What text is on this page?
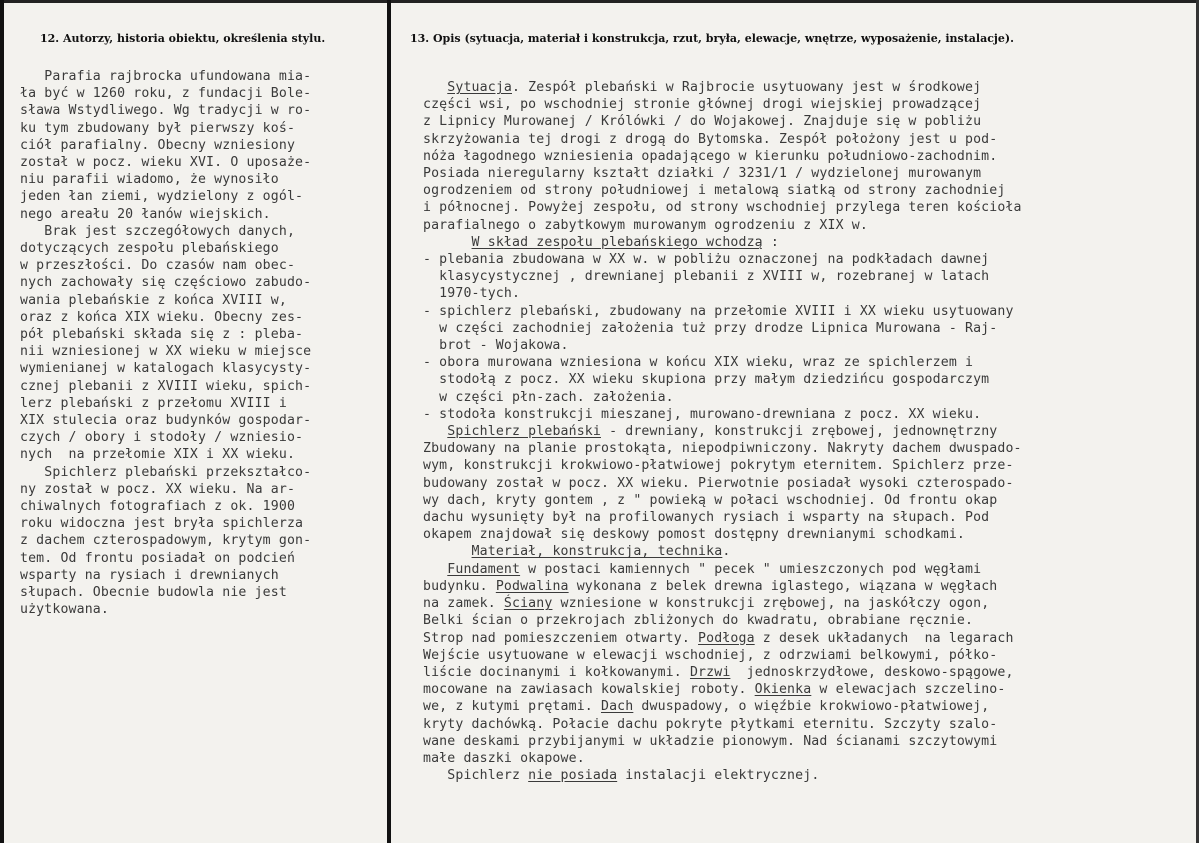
12. Autorzy, historia obiektu, określenia stylu.	13. Opis (sytuacja, materiał i konstrukcja, rzut, bryła, elewacje, wnętrze, wyposażenie, instalacje).

Parafia rajbrocka ufundowana mia-

ła być w 1260 roku, z fundacji Bole-

sława Wstydliwego. Wg tradycji w ro-

ku tym zbudowany był pierwszy koś-

ciół parafialny. Obecny wzniesiony

został w pocz. wieku XVI. O uposaże-

niu parafii wiadomo, że wynosiło

jeden łan ziemi, wydzielony z ogól-

nego areału 20 łanów wiejskich.

Brak jest szczegółowych danych,

dotyczących zespołu plebańskiego

w przeszłości. Do czasów nam obec-

nych zachowały się częściowo zabudo-

wania plebańskie z końca XVIII w,

oraz z końca XIX wieku. Obecny zes-

pół plebański składa się z : pleba-

nii wzniesionej w XX wieku w miejsce

wymienianej w katalogach klasycysty-

cznej plebanii z XVIII wieku, spich-

lerz plebański z przełomu XVIII i

XIX stulecia oraz budynków gospodar-

czych / obory i stodoły / wzniesio-

nych  na przełomie XIX i XX wieku.

Spichlerz plebański przekształco-

ny został w pocz. XX wieku. Na ar-

chiwalnych fotografiach z ok. 1900

roku widoczna jest bryła spichlerza

z dachem czterospadowym, krytym gon-

tem. Od frontu posiadał on podcień

wsparty na rysiach i drewnianych

słupach. Obecnie budowla nie jest

użytkowana.

Sytuacja. Zespół plebański w Rajbrocie usytuowany jest w środkowej

części wsi, po wschodniej stronie głównej drogi wiejskiej prowadzącej

z Lipnicy Murowanej / Królówki / do Wojakowej. Znajduje się w pobliżu

skrzyżowania tej drogi z drogą do Bytomska. Zespół położony jest u pod-

nóża łagodnego wzniesienia opadającego w kierunku południowo-zachodnim.

Posiada nieregularny kształt działki / 3231/1 / wydzielonej murowanym

ogrodzeniem od strony południowej i metalową siatką od strony zachodniej

i północnej. Powyżej zespołu, od strony wschodniej przylega teren kościoła

parafialnego o zabytkowym murowanym ogrodzeniu z XIX w.

W skład zespołu plebańskiego wchodzą :

- plebania zbudowana w XX w. w pobliżu oznaczonej na podkładach dawnej

klasycystycznej , drewnianej plebanii z XVIII w, rozebranej w latach

1970-tych.

- spichlerz plebański, zbudowany na przełomie XVIII i XX wieku usytuowany

w części zachodniej założenia tuż przy drodze Lipnica Murowana - Raj-

brot - Wojakowa.

- obora murowana wzniesiona w końcu XIX wieku, wraz ze spichlerzem i

stodołą z pocz. XX wieku skupiona przy małym dziedzińcu gospodarczym

w części płn-zach. założenia.

- stodoła konstrukcji mieszanej, murowano-drewniana z pocz. XX wieku.

Spichlerz plebański - drewniany, konstrukcji zrębowej, jednownętrzny

Zbudowany na planie prostokąta, niepodpiwniczony. Nakryty dachem dwuspado-

wym, konstrukcji krokwiowo-płatwiowej pokrytym eternitem. Spichlerz prze-

budowany został w pocz. XX wieku. Pierwotnie posiadał wysoki czterospado-

wy dach, kryty gontem , z " powieką w połaci wschodniej. Od frontu okap

dachu wysunięty był na profilowanych rysiach i wsparty na słupach. Pod

okapem znajdował się deskowy pomost dostępny drewnianymi schodkami.

Materiał, konstrukcja, technika.

Fundament w postaci kamiennych " pecek " umieszczonych pod węgłami

budynku. Podwalina wykonana z belek drewna iglastego, wiązana w węgłach

na zamek. Ściany wzniesione w konstrukcji zrębowej, na jaskółczy ogon,

Belki ścian o przekrojach zbliżonych do kwadratu, obrabiane ręcznie.

Strop nad pomieszczeniem otwarty. Podłoga z desek układanych  na legarach

Wejście usytuowane w elewacji wschodniej, z odrzwiami belkowymi, półko-

liście docinanymi i kołkowanymi. Drzwi  jednoskrzydłowe, deskowo-spągowe,

mocowane na zawiasach kowalskiej roboty. Okienka w elewacjach szczelino-

we, z kutymi prętami. Dach dwuspadowy, o więźbie krokwiowo-płatwiowej,

kryty dachówką. Połacie dachu pokryte płytkami eternitu. Szczyty szalo-

wane deskami przybijanymi w układzie pionowym. Nad ścianami szczytowymi

małe daszki okapowe.

Spichlerz nie posiada instalacji elektrycznej.
